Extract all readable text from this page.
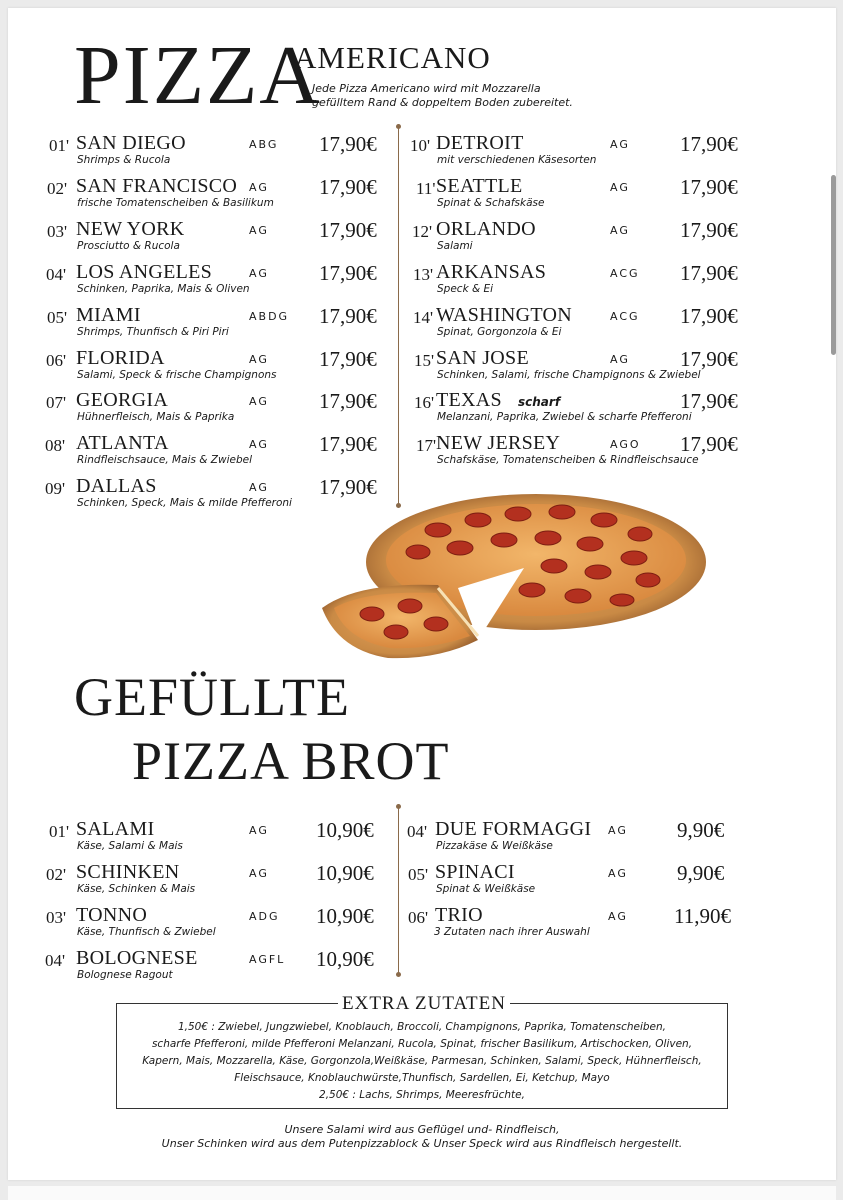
PIZZA
AMERICANO
Jede Pizza Americano wird mit Mozzarella
gefülltem Rand & doppeltem Boden zubereitet.
01' SAN DIEGO	ABG 17,90€
Shrimps & Rucola
02' SAN FRANCISCO AG 17,90€
frische Tomatenscheiben & Basilikum
03' NEW YORK	AG 17,90€
Prosciutto & Rucola
04' LOS ANGELES	AG 17,90€
Schinken, Paprika, Mais & Oliven
05' MIAMI	ABDG 17,90€
Shrimps, Thunfisch & Piri Piri
06' FLORIDA	AG 17,90€
Salami, Speck & frische Champignons
07' GEORGIA	AG 17,90€
Hühnerfleisch, Mais & Paprika
08' ATLANTA	AG 17,90€
Rindfleischsauce, Mais & Zwiebel
09' DALLAS	AG 17,90€
Schinken, Speck, Mais & milde Pfefferoni
10' DETROIT	AG 17,90€
mit verschiedenen Käsesorten
11' SEATTLE	AG 17,90€
Spinat & Schafskäse
12' ORLANDO	AG 17,90€
Salami
13' ARKANSAS	ACG 17,90€
Speck & Ei
14' WASHINGTON	ACG 17,90€
Spinat, Gorgonzola & Ei
15' SAN JOSE	AG 17,90€
Schinken, Salami, frische Champignons & Zwiebel
16' TEXAS scharf	17,90€
Melanzani, Paprika, Zwiebel & scharfe Pfefferoni
17' NEW JERSEY	AGO 17,90€
Schafskäse, Tomatenscheiben & Rindfleischsauce
GEFÜLLTE
PIZZA BROT
01' SALAMI	AG 10,90€
Käse, Salami & Mais
02' SCHINKEN	AG 10,90€
Käse, Schinken & Mais
03' TONNO	ADG 10,90€
Käse, Thunfisch & Zwiebel
04' BOLOGNESE	AGFL 10,90€
Bolognese Ragout
04' DUE FORMAGGI AG 9,90€
Pizzakäse & Weißkäse
05' SPINACI	AG 9,90€
Spinat & Weißkäse
06' TRIO	AG 11,90€
3 Zutaten nach ihrer Auswahl
EXTRA ZUTATEN
1,50€ : Zwiebel, Jungzwiebel, Knoblauch, Broccoli, Champignons, Paprika, Tomatenscheiben,
scharfe Pfefferoni, milde Pfefferoni Melanzani, Rucola, Spinat, frischer Basilikum, Artischocken, Oliven,
Kapern, Mais, Mozzarella, Käse, Gorgonzola,Weißkäse, Parmesan, Schinken, Salami, Speck, Hühnerfleisch,
Fleischsauce, Knoblauchwürste,Thunfisch, Sardellen, Ei, Ketchup, Mayo
2,50€ : Lachs, Shrimps, Meeresfrüchte,
Unsere Salami wird aus Geflügel und- Rindfleisch,
Unser Schinken wird aus dem Putenpizzablock & Unser Speck wird aus Rindfleisch hergestellt.
